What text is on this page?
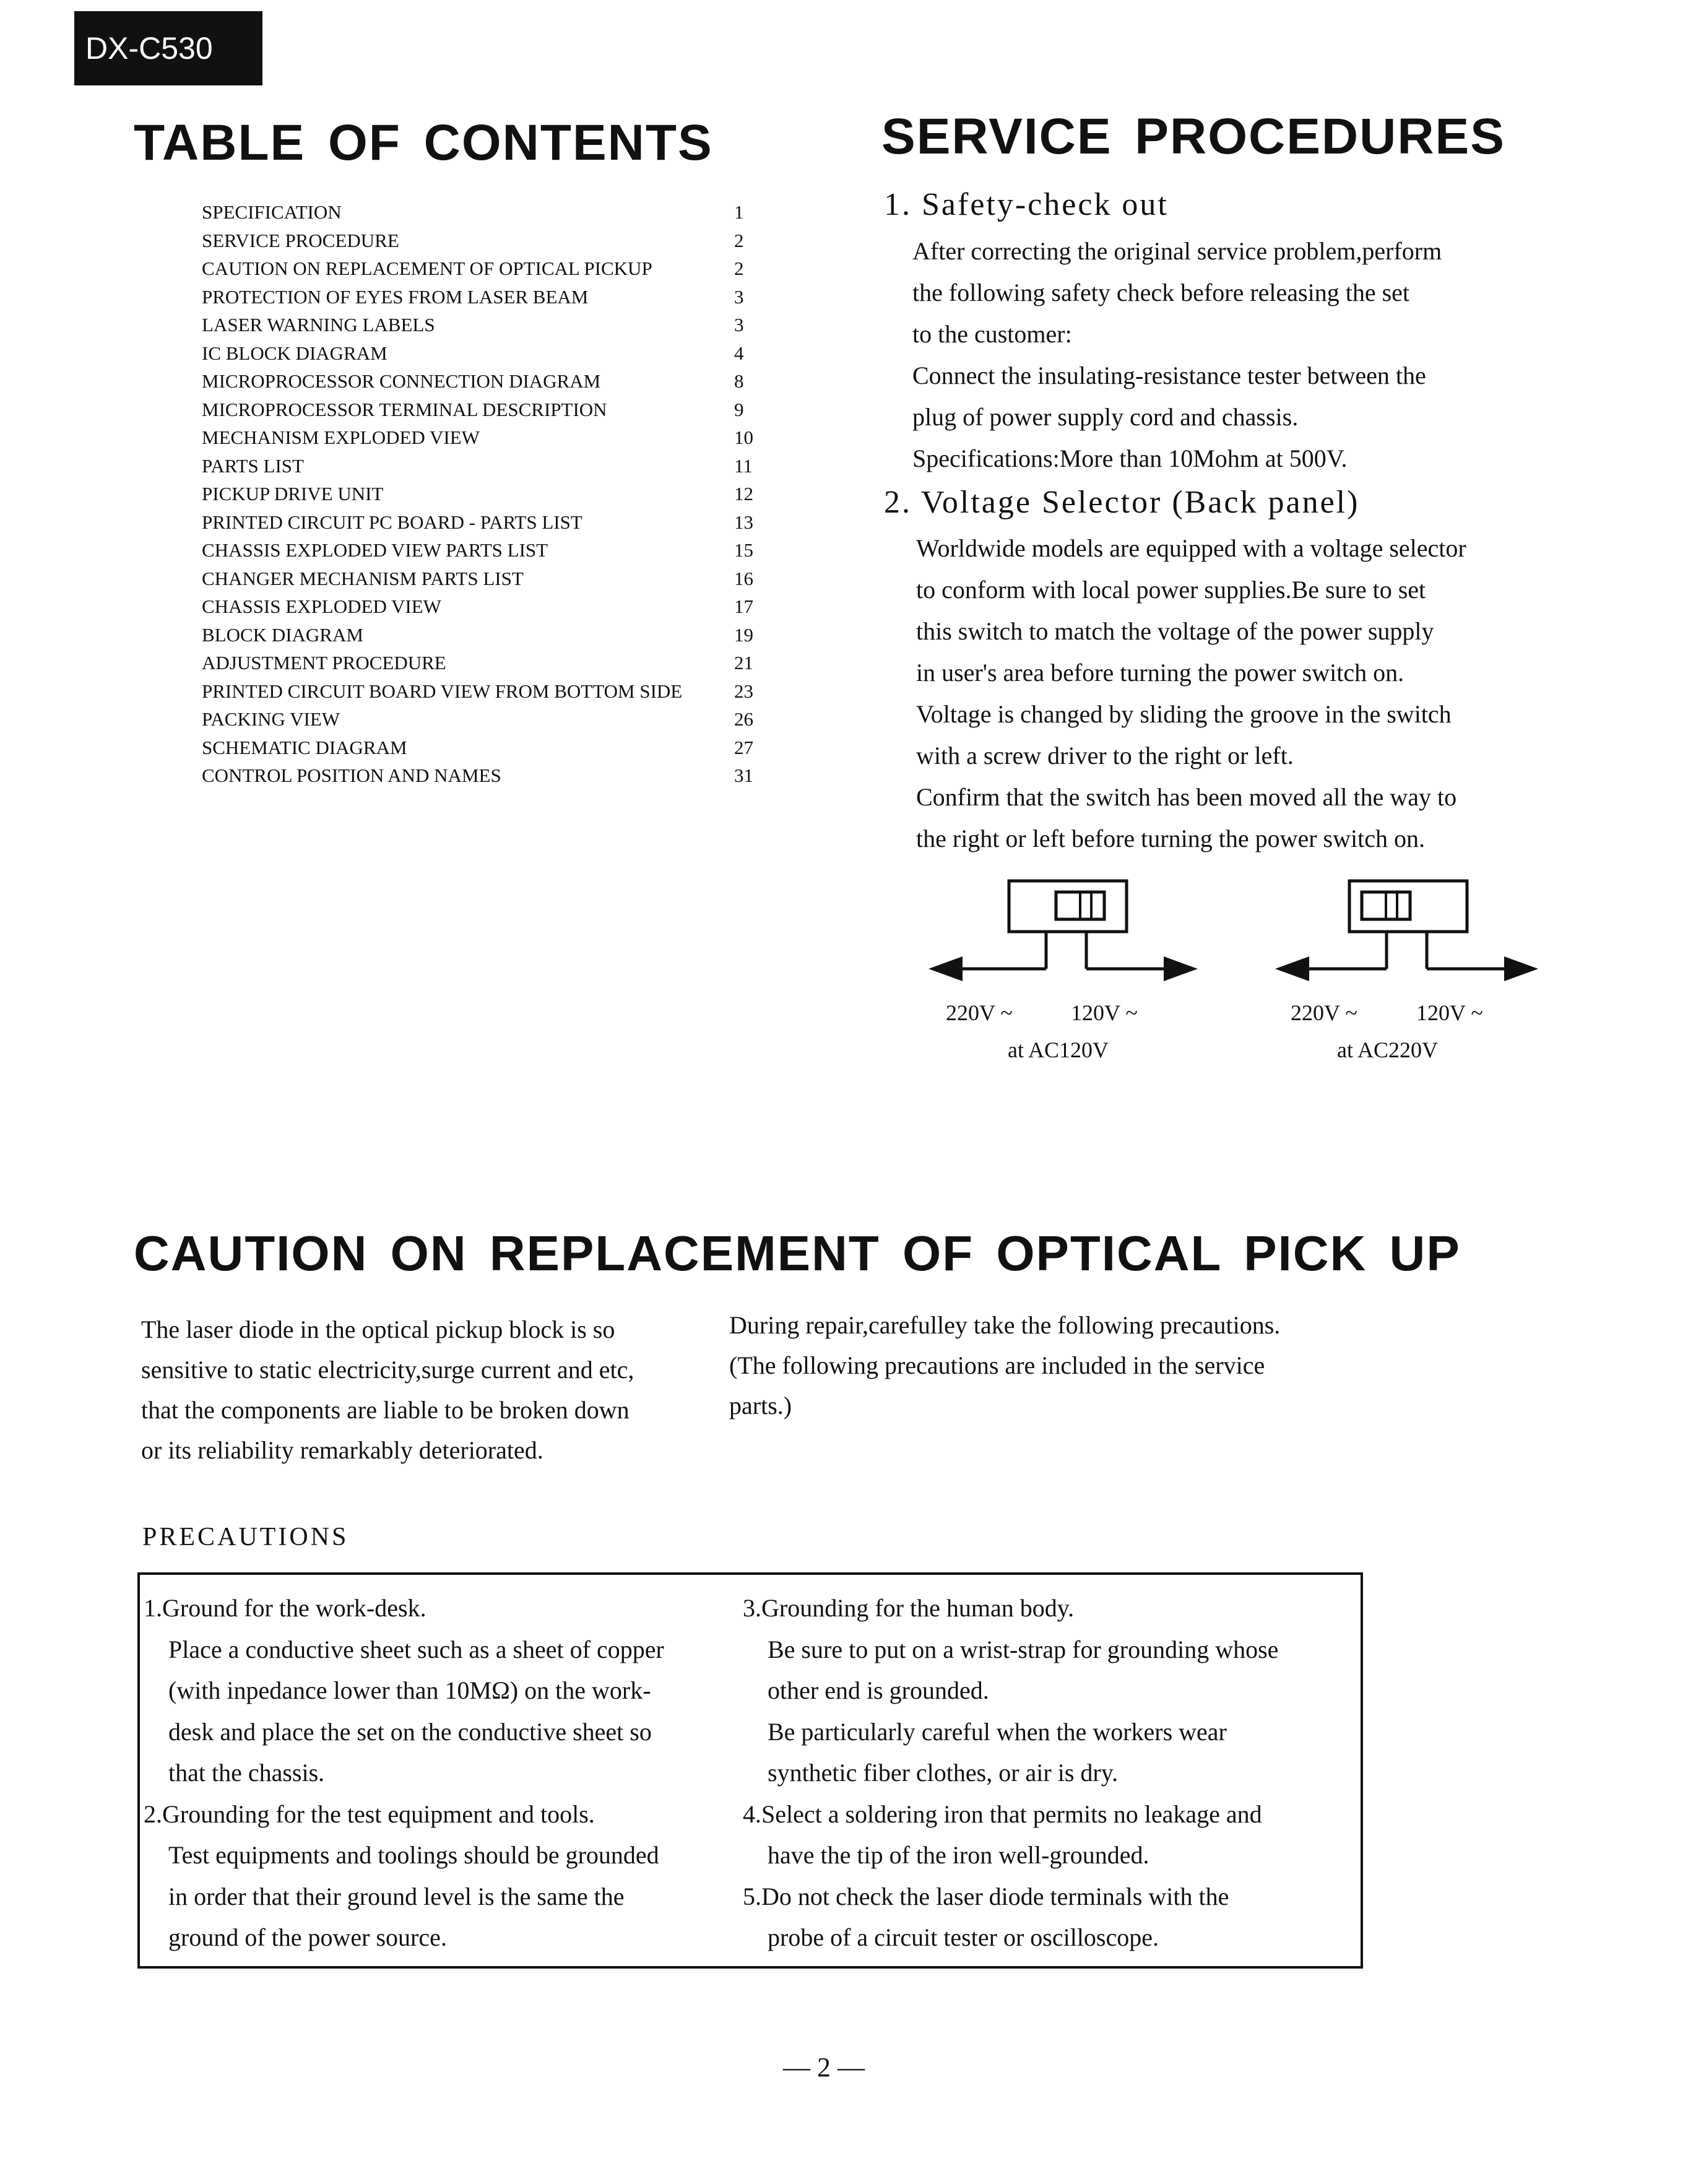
DX-C530
TABLE OF CONTENTS
SPECIFICATION	1
SERVICE PROCEDURE	2
CAUTION ON REPLACEMENT OF OPTICAL PICKUP	2
PROTECTION OF EYES FROM LASER BEAM	3
LASER WARNING LABELS	3
IC BLOCK DIAGRAM	4
MICROPROCESSOR CONNECTION DIAGRAM	8
MICROPROCESSOR TERMINAL DESCRIPTION	9
MECHANISM EXPLODED VIEW	10
PARTS LIST	11
PICKUP DRIVE UNIT	12
PRINTED CIRCUIT PC BOARD - PARTS LIST	13
CHASSIS EXPLODED VIEW PARTS LIST	15
CHANGER MECHANISM PARTS LIST	16
CHASSIS EXPLODED VIEW	17
BLOCK DIAGRAM	19
ADJUSTMENT PROCEDURE	21
PRINTED CIRCUIT BOARD VIEW FROM BOTTOM SIDE	23
PACKING VIEW	26
SCHEMATIC DIAGRAM	27
CONTROL POSITION AND NAMES	31
SERVICE PROCEDURES
1. Safety-check out
After correcting the original service problem,perform
the following safety check before releasing the set
to the customer:
Connect the insulating-resistance tester between the
plug of power supply cord and chassis.
Specifications:More than 10Mohm at 500V.
2. Voltage Selector (Back panel)
Worldwide models are equipped with a voltage selector
to conform with local power supplies.Be sure to set
this switch to match the voltage of the power supply
in user's area before turning the power switch on.
Voltage is changed by sliding the groove in the switch
with a screw driver to the right or left.
Confirm that the switch has been moved all the way to
the right or left before turning the power switch on.
220V ~	120V ~
at AC120V
220V ~	120V ~
at AC220V
CAUTION ON REPLACEMENT OF OPTICAL PICK UP
The laser diode in the optical pickup block is so
sensitive to static electricity,surge current and etc,
that the components are liable to be broken down
or its reliability remarkably deteriorated.
During repair,carefulley take the following precautions.
(The following precautions are included in the service
parts.)
PRECAUTIONS
1.Ground for the work-desk.
Place a conductive sheet such as a sheet of copper
(with inpedance lower than 10MΩ) on the work-
desk and place the set on the conductive sheet so
that the chassis.
2.Grounding for the test equipment and tools.
Test equipments and toolings should be grounded
in order that their ground level is the same the
ground of the power source.
3.Grounding for the human body.
Be sure to put on a wrist-strap for grounding whose
other end is grounded.
Be particularly careful when the workers wear
synthetic fiber clothes, or air is dry.
4.Select a soldering iron that permits no leakage and
have the tip of the iron well-grounded.
5.Do not check the laser diode terminals with the
probe of a circuit tester or oscilloscope.
— 2 —
